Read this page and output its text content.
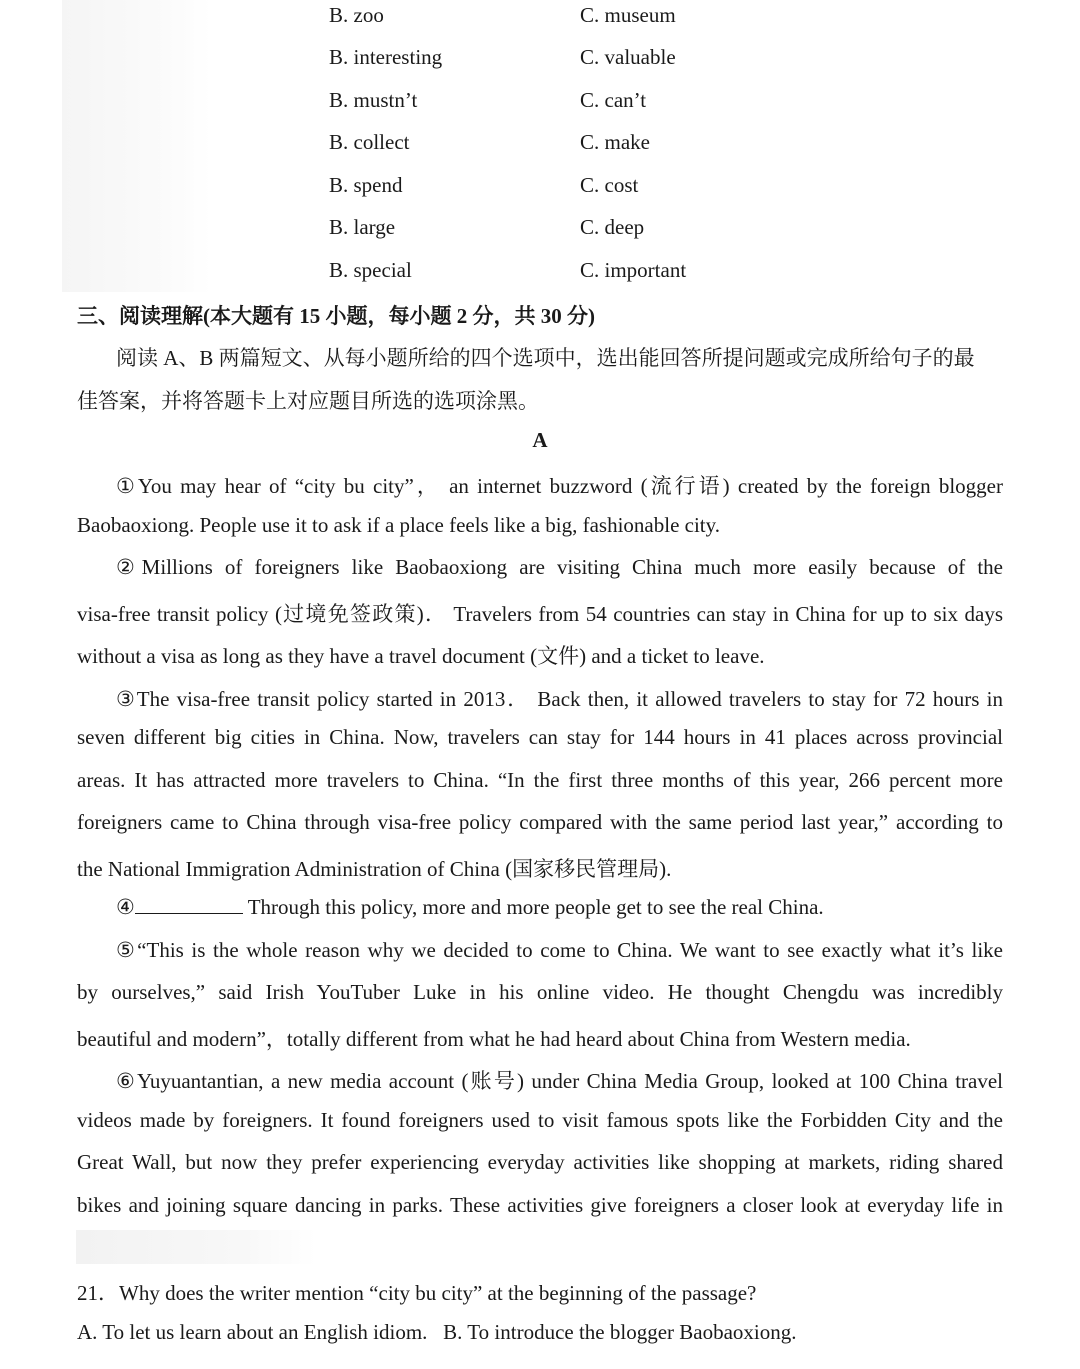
B. zoo	C. museum
B. interesting	C. valuable
B. mustn’t	C. can’t
B. collect	C. make
B. spend	C. cost
B. large	C. deep
B. special	C. important
三、阅读理解(本大题有 15 小题，每小题 2 分，共 30 分)
阅读 A、B 两篇短文、从每小题所给的四个选项中，选出能回答所提问题或完成所给句子的最
佳答案，并将答题卡上对应题目所选的选项涂黑。
A
①You may hear of “city bu city”， an internet buzzword (流行语) created by the foreign blogger
Baobaoxiong. People use it to ask if a place feels like a big, fashionable city.
②Millions of foreigners like Baobaoxiong are visiting China much more easily because of the
visa-free transit policy (过境免签政策)． Travelers from 54 countries can stay in China for up to six days
without a visa as long as they have a travel document (文件) and a ticket to leave.
③The visa-free transit policy started in 2013． Back then, it allowed travelers to stay for 72 hours in
seven different big cities in China. Now, travelers can stay for 144 hours in 41 places across provincial
areas. It has attracted more travelers to China. “In the first three months of this year, 266 percent more
foreigners came to China through visa-free policy compared with the same period last year,” according to
the National Immigration Administration of China (国家移民管理局).
④	Through this policy, more and more people get to see the real China.
⑤“This is the whole reason why we decided to come to China. We want to see exactly what it’s like
by ourselves,” said Irish YouTuber Luke in his online video. He thought Chengdu was incredibly
beautiful and modern”，totally different from what he had heard about China from Western media.
⑥Yuyuantantian, a new media account (账号) under China Media Group, looked at 100 China travel
videos made by foreigners. It found foreigners used to visit famous spots like the Forbidden City and the
Great Wall, but now they prefer experiencing everyday activities like shopping at markets, riding shared
bikes and joining square dancing in parks. These activities give foreigners a closer look at everyday life in
21．Why does the writer mention “city bu city” at the beginning of the passage?
A. To let us learn about an English idiom.   B. To introduce the blogger Baobaoxiong.
